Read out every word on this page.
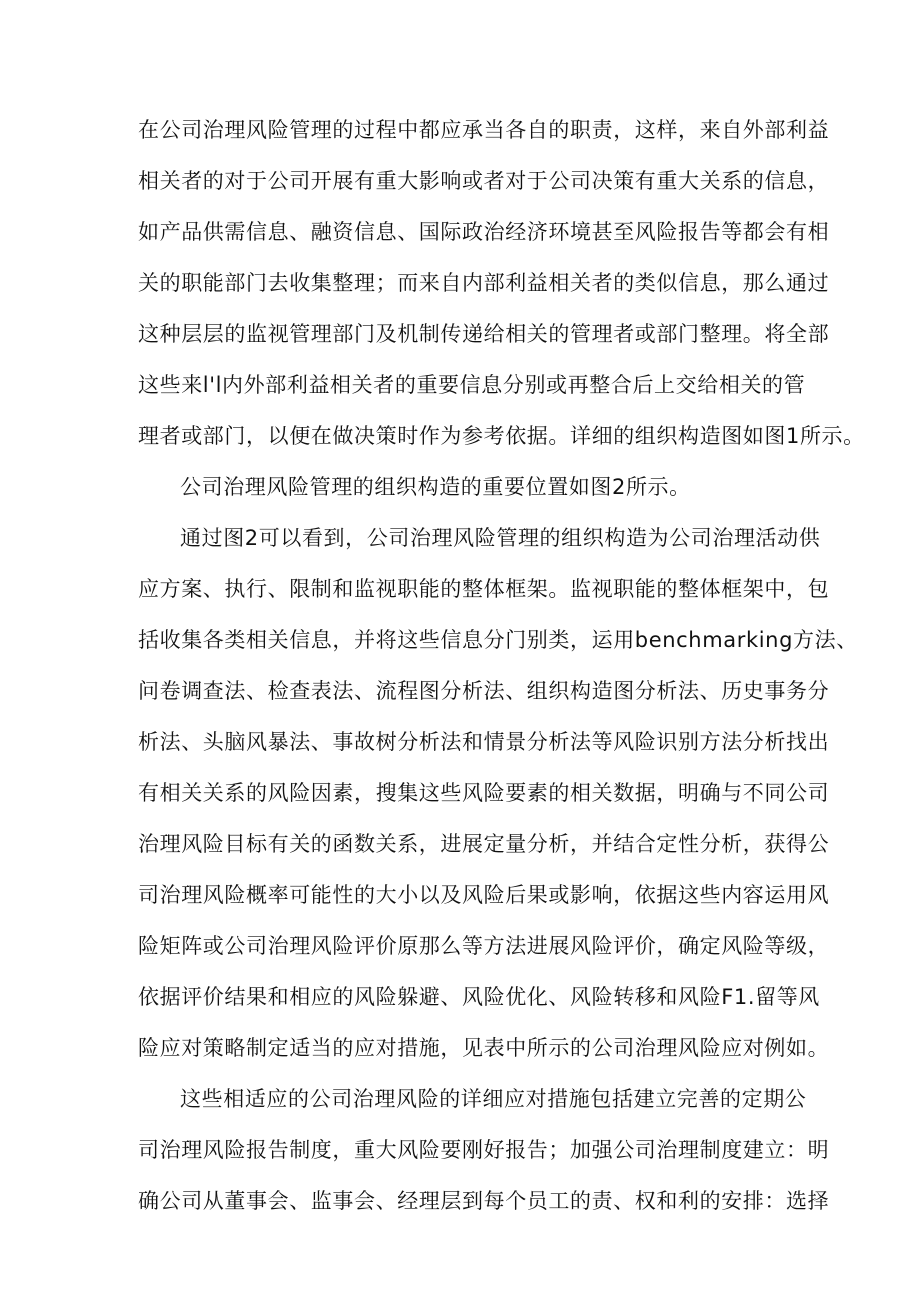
在公司治理风险管理的过程中都应承当各自的职责，这样，来自外部利益
相关者的对于公司开展有重大影响或者对于公司决策有重大关系的信息，
如产品供需信息、融资信息、国际政治经济环境甚至风险报告等都会有相
关的职能部门去收集整理；而来自内部利益相关者的类似信息，那么通过
这种层层的监视管理部门及机制传递给相关的管理者或部门整理。将全部
这些来l'l内外部利益相关者的重要信息分别或再整合后上交给相关的管
理者或部门，以便在做决策时作为参考依据。详细的组织构造图如图1所示。
公司治理风险管理的组织构造的重要位置如图2所示。
通过图2可以看到，公司治理风险管理的组织构造为公司治理活动供
应方案、执行、限制和监视职能的整体框架。监视职能的整体框架中，包
括收集各类相关信息，并将这些信息分门别类，运用benchmarking方法、
问卷调查法、检查表法、流程图分析法、组织构造图分析法、历史事务分
析法、头脑风暴法、事故树分析法和情景分析法等风险识别方法分析找出
有相关关系的风险因素，搜集这些风险要素的相关数据，明确与不同公司
治理风险目标有关的函数关系，进展定量分析，并结合定性分析，获得公
司治理风险概率可能性的大小以及风险后果或影响，依据这些内容运用风
险矩阵或公司治理风险评价原那么等方法进展风险评价，确定风险等级，
依据评价结果和相应的风险躲避、风险优化、风险转移和风险F1.留等风
险应对策略制定适当的应对措施，见表中所示的公司治理风险应对例如。
这些相适应的公司治理风险的详细应对措施包括建立完善的定期公
司治理风险报告制度，重大风险要刚好报告；加强公司治理制度建立：明
确公司从董事会、监事会、经理层到每个员工的责、权和利的安排：选择
